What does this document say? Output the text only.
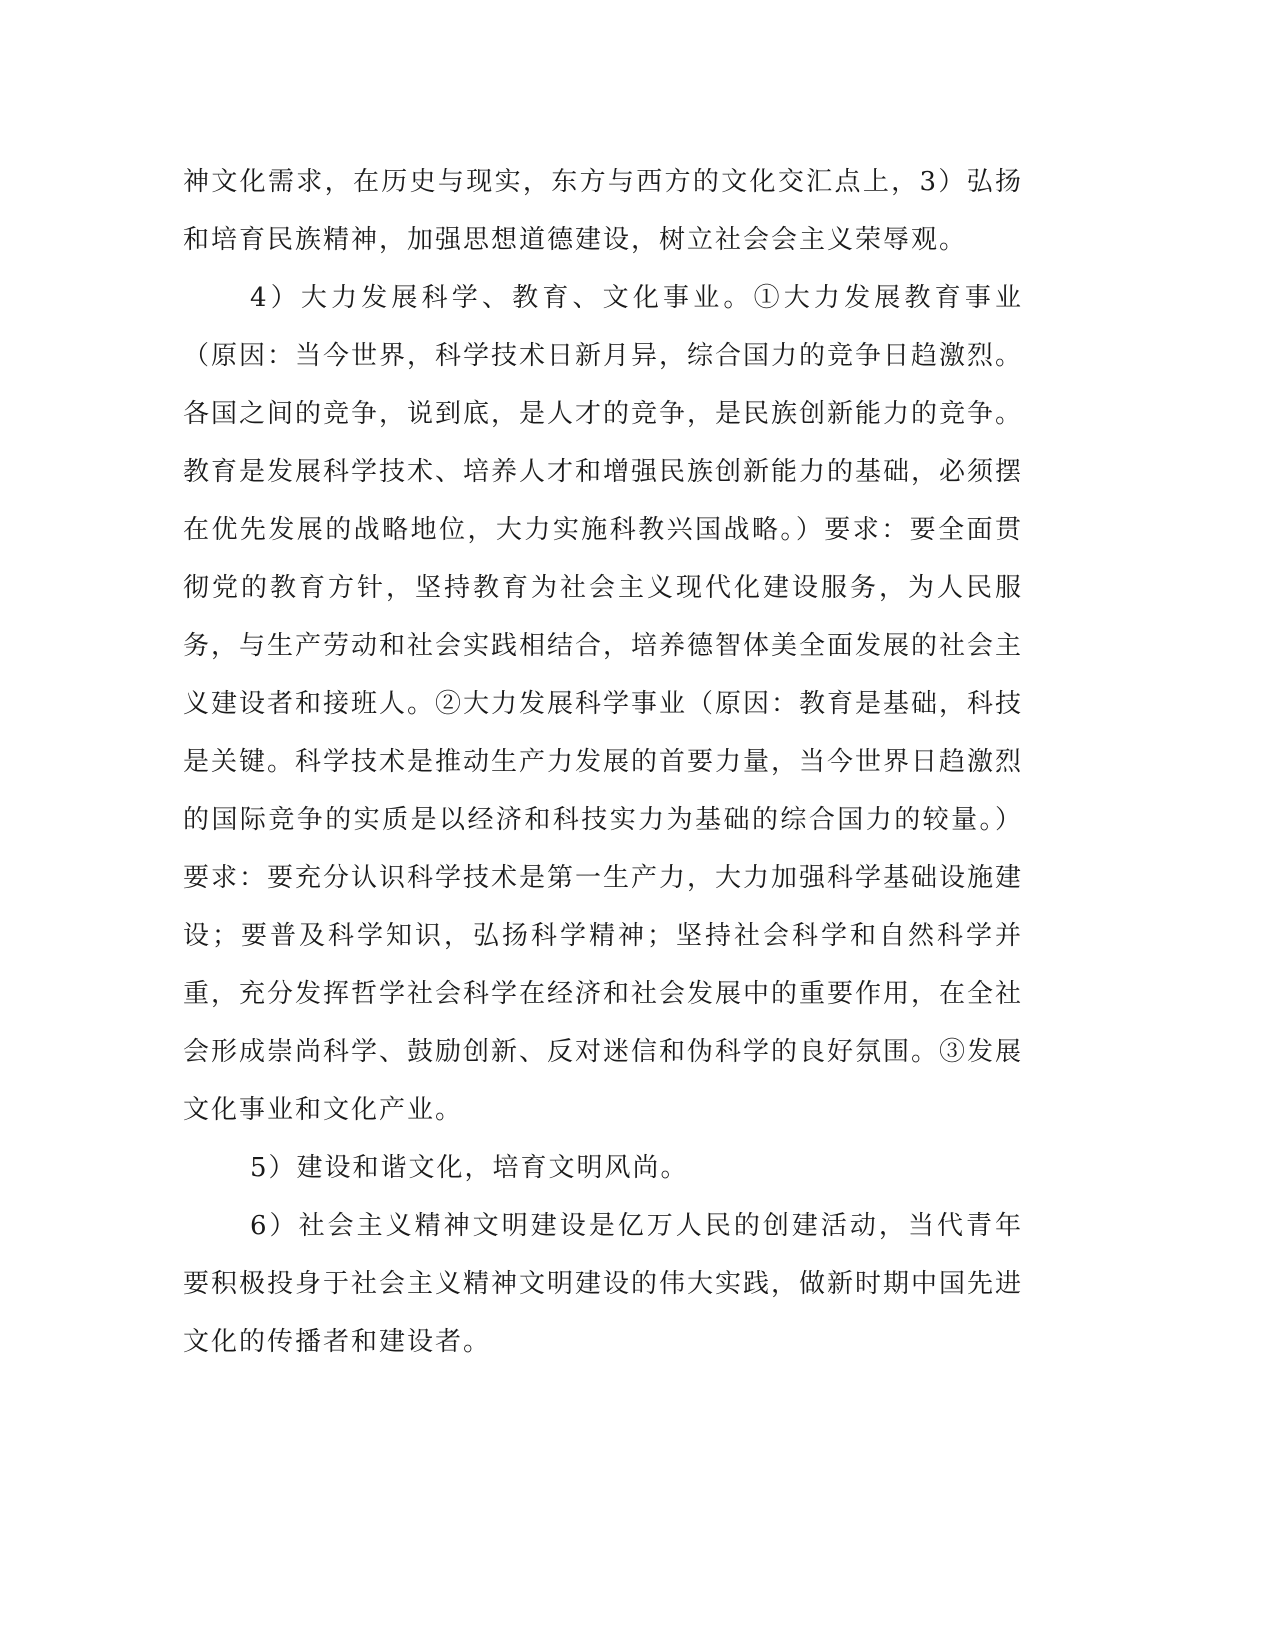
神文化需求，在历史与现实，东方与西方的文化交汇点上，3）弘扬和培育民族精神，加强思想道德建设，树立社会会主义荣辱观。

4）大力发展科学、教育、文化事业。①大力发展教育事业（原因：当今世界，科学技术日新月异，综合国力的竞争日趋激烈。各国之间的竞争，说到底，是人才的竞争，是民族创新能力的竞争。教育是发展科学技术、培养人才和增强民族创新能力的基础，必须摆在优先发展的战略地位，大力实施科教兴国战略。）要求：要全面贯彻党的教育方针，坚持教育为社会主义现代化建设服务，为人民服务，与生产劳动和社会实践相结合，培养德智体美全面发展的社会主义建设者和接班人。②大力发展科学事业（原因：教育是基础，科技是关键。科学技术是推动生产力发展的首要力量，当今世界日趋激烈的国际竞争的实质是以经济和科技实力为基础的综合国力的较量。）要求：要充分认识科学技术是第一生产力，大力加强科学基础设施建设；要普及科学知识，弘扬科学精神；坚持社会科学和自然科学并重，充分发挥哲学社会科学在经济和社会发展中的重要作用，在全社会形成崇尚科学、鼓励创新、反对迷信和伪科学的良好氛围。③发展文化事业和文化产业。

5）建设和谐文化，培育文明风尚。

6）社会主义精神文明建设是亿万人民的创建活动，当代青年要积极投身于社会主义精神文明建设的伟大实践，做新时期中国先进文化的传播者和建设者。
